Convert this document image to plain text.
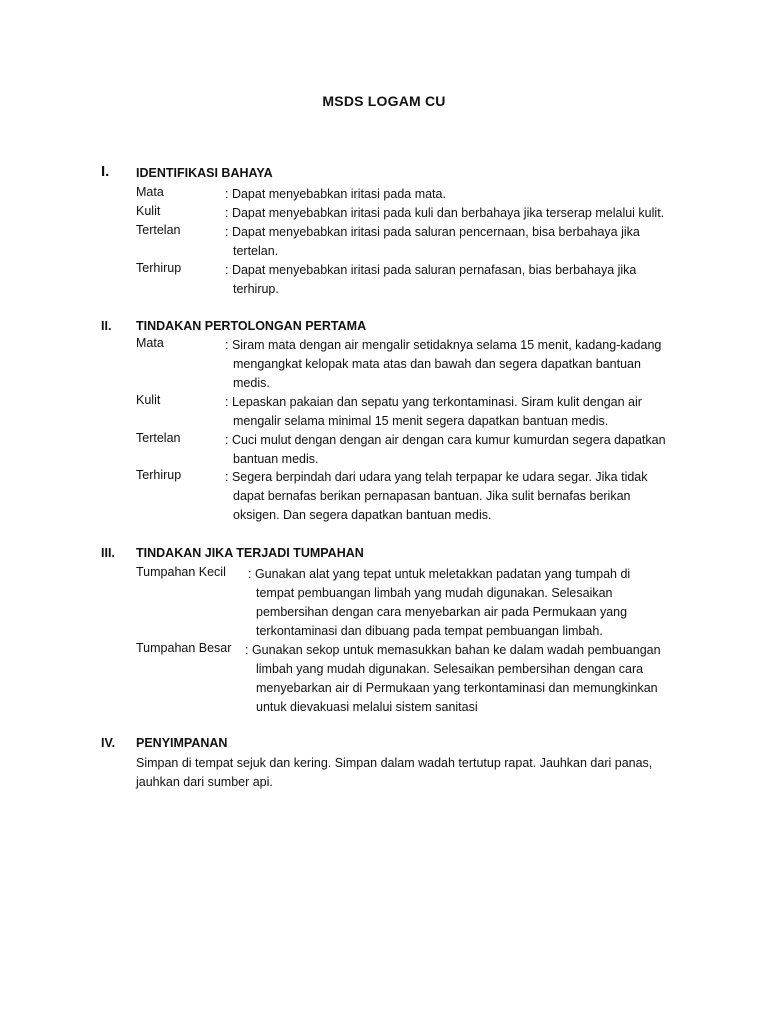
MSDS LOGAM CU
I. IDENTIFIKASI BAHAYA
Mata	: Dapat menyebabkan iritasi pada mata.
Kulit	: Dapat menyebabkan iritasi pada kuli dan berbahaya jika terserap melalui kulit.
Tertelan	: Dapat menyebabkan iritasi pada saluran pencernaan, bisa berbahaya jika
tertelan.
Terhirup	: Dapat menyebabkan iritasi pada saluran pernafasan, bias berbahaya jika
terhirup.
II. TINDAKAN PERTOLONGAN PERTAMA
Mata	: Siram mata dengan air mengalir setidaknya selama 15 menit, kadang-kadang
mengangkat kelopak mata atas dan bawah dan segera dapatkan bantuan
medis.
Kulit	: Lepaskan pakaian dan sepatu yang terkontaminasi. Siram kulit dengan air
mengalir selama minimal 15 menit segera dapatkan bantuan medis.
Tertelan	: Cuci mulut dengan dengan air dengan cara kumur kumurdan segera dapatkan
bantuan medis.
Terhirup	: Segera berpindah dari udara yang telah terpapar ke udara segar. Jika tidak
dapat bernafas berikan pernapasan bantuan. Jika sulit bernafas berikan
oksigen. Dan segera dapatkan bantuan medis.
III. TINDAKAN JIKA TERJADI TUMPAHAN
Tumpahan Kecil : Gunakan alat yang tepat untuk meletakkan padatan yang tumpah di
tempat pembuangan limbah yang mudah digunakan. Selesaikan
pembersihan dengan cara menyebarkan air pada Permukaan yang
terkontaminasi dan dibuang pada tempat pembuangan limbah.
Tumpahan Besar : Gunakan sekop untuk memasukkan bahan ke dalam wadah pembuangan
limbah yang mudah digunakan. Selesaikan pembersihan dengan cara
menyebarkan air di Permukaan yang terkontaminasi dan memungkinkan
untuk dievakuasi melalui sistem sanitasi
IV. PENYIMPANAN
Simpan di tempat sejuk dan kering. Simpan dalam wadah tertutup rapat. Jauhkan dari panas,
jauhkan dari sumber api.
